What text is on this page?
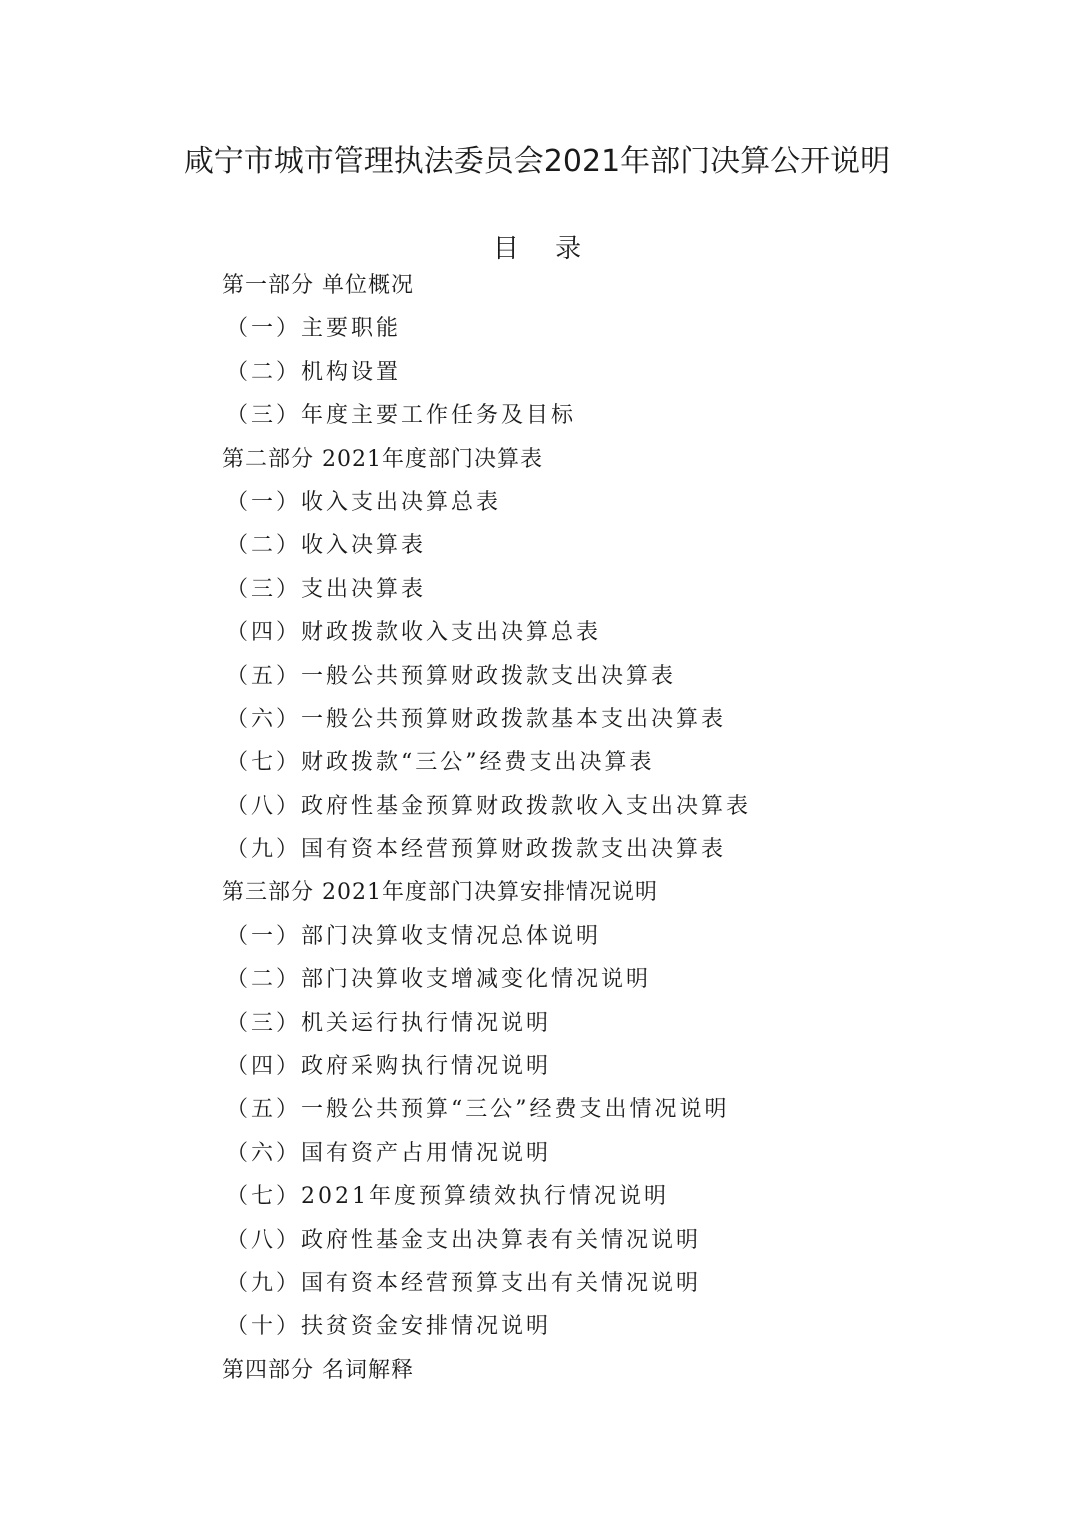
咸宁市城市管理执法委员会2021年部门决算公开说明
目 录
第一部分 单位概况
（一）主要职能
（二）机构设置
（三）年度主要工作任务及目标
第二部分 2021年度部门决算表
（一）收入支出决算总表
（二）收入决算表
（三）支出决算表
（四）财政拨款收入支出决算总表
（五）一般公共预算财政拨款支出决算表
（六）一般公共预算财政拨款基本支出决算表
（七）财政拨款“三公”经费支出决算表
（八）政府性基金预算财政拨款收入支出决算表
（九）国有资本经营预算财政拨款支出决算表
第三部分 2021年度部门决算安排情况说明
（一）部门决算收支情况总体说明
（二）部门决算收支增减变化情况说明
（三）机关运行执行情况说明
（四）政府采购执行情况说明
（五）一般公共预算“三公”经费支出情况说明
（六）国有资产占用情况说明
（七）2021年度预算绩效执行情况说明
（八）政府性基金支出决算表有关情况说明
（九）国有资本经营预算支出有关情况说明
（十）扶贫资金安排情况说明
第四部分 名词解释
